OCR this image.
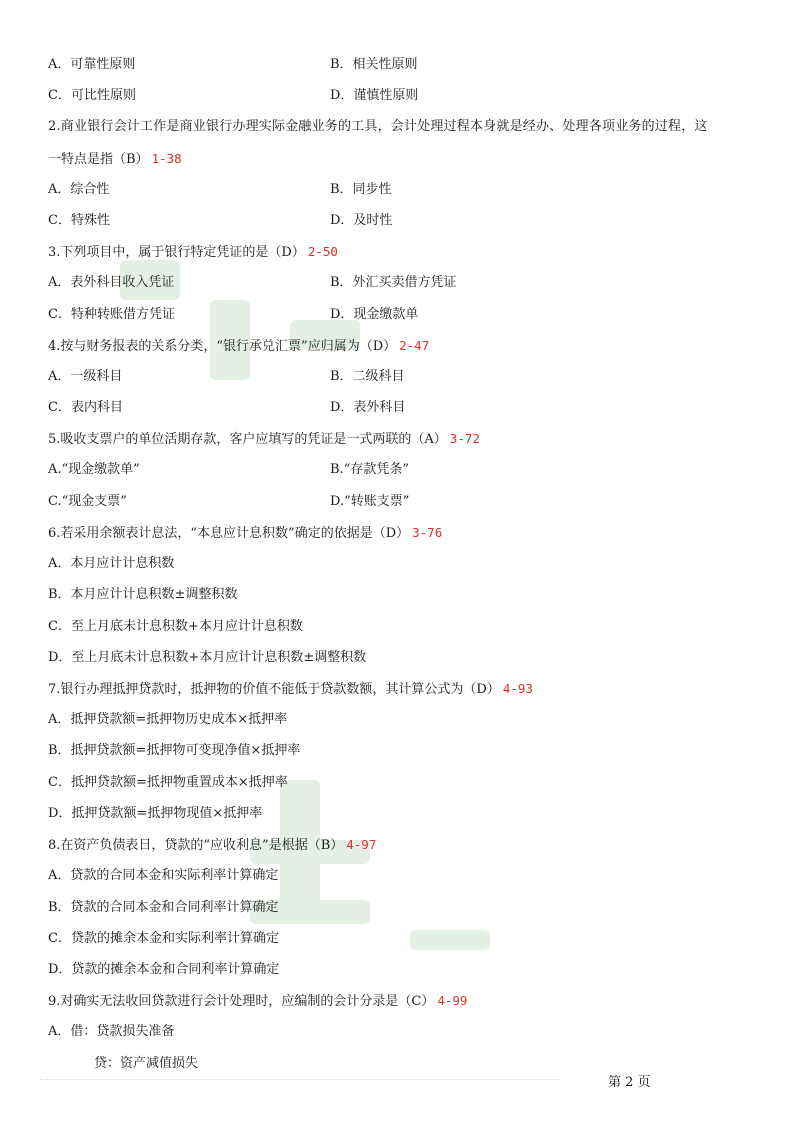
A．可靠性原则	B．相关性原则
C．可比性原则	D．谨慎性原则
2.商业银行会计工作是商业银行办理实际金融业务的工具，会计处理过程本身就是经办、处理各项业务的过程，这
一特点是指（B） 1-38
A．综合性	B．同步性
C．特殊性	D．及时性
3.下列项目中，属于银行特定凭证的是（D） 2-50
A．表外科目收入凭证	B．外汇买卖借方凭证
C．特种转账借方凭证	D．现金缴款单
4.按与财务报表的关系分类，“银行承兑汇票”应归属为（D） 2-47
A．一级科目	B．二级科目
C．表内科目	D．表外科目
5.吸收支票户的单位活期存款，客户应填写的凭证是一式两联的（A） 3-72
A.“现金缴款单”	B.“存款凭条”
C.“现金支票”	D.“转账支票”
6.若采用余额表计息法，“本息应计息积数”确定的依据是（D） 3-76
A．本月应计计息积数
B．本月应计计息积数±调整积数
C．至上月底未计息积数+本月应计计息积数
D．至上月底未计息积数+本月应计计息积数±调整积数
7.银行办理抵押贷款时，抵押物的价值不能低于贷款数额，其计算公式为（D） 4-93
A．抵押贷款额=抵押物历史成本×抵押率
B．抵押贷款额=抵押物可变现净值×抵押率
C．抵押贷款额=抵押物重置成本×抵押率
D．抵押贷款额=抵押物现值×抵押率
8.在资产负债表日，贷款的“应收利息”是根据（B） 4-97
A．贷款的合同本金和实际利率计算确定
B．贷款的合同本金和合同利率计算确定
C．贷款的摊余本金和实际利率计算确定
D．贷款的摊余本金和合同利率计算确定
9.对确实无法收回贷款进行会计处理时，应编制的会计分录是（C） 4-99
A．借：贷款损失准备
贷：资产减值损失
第 2 页
